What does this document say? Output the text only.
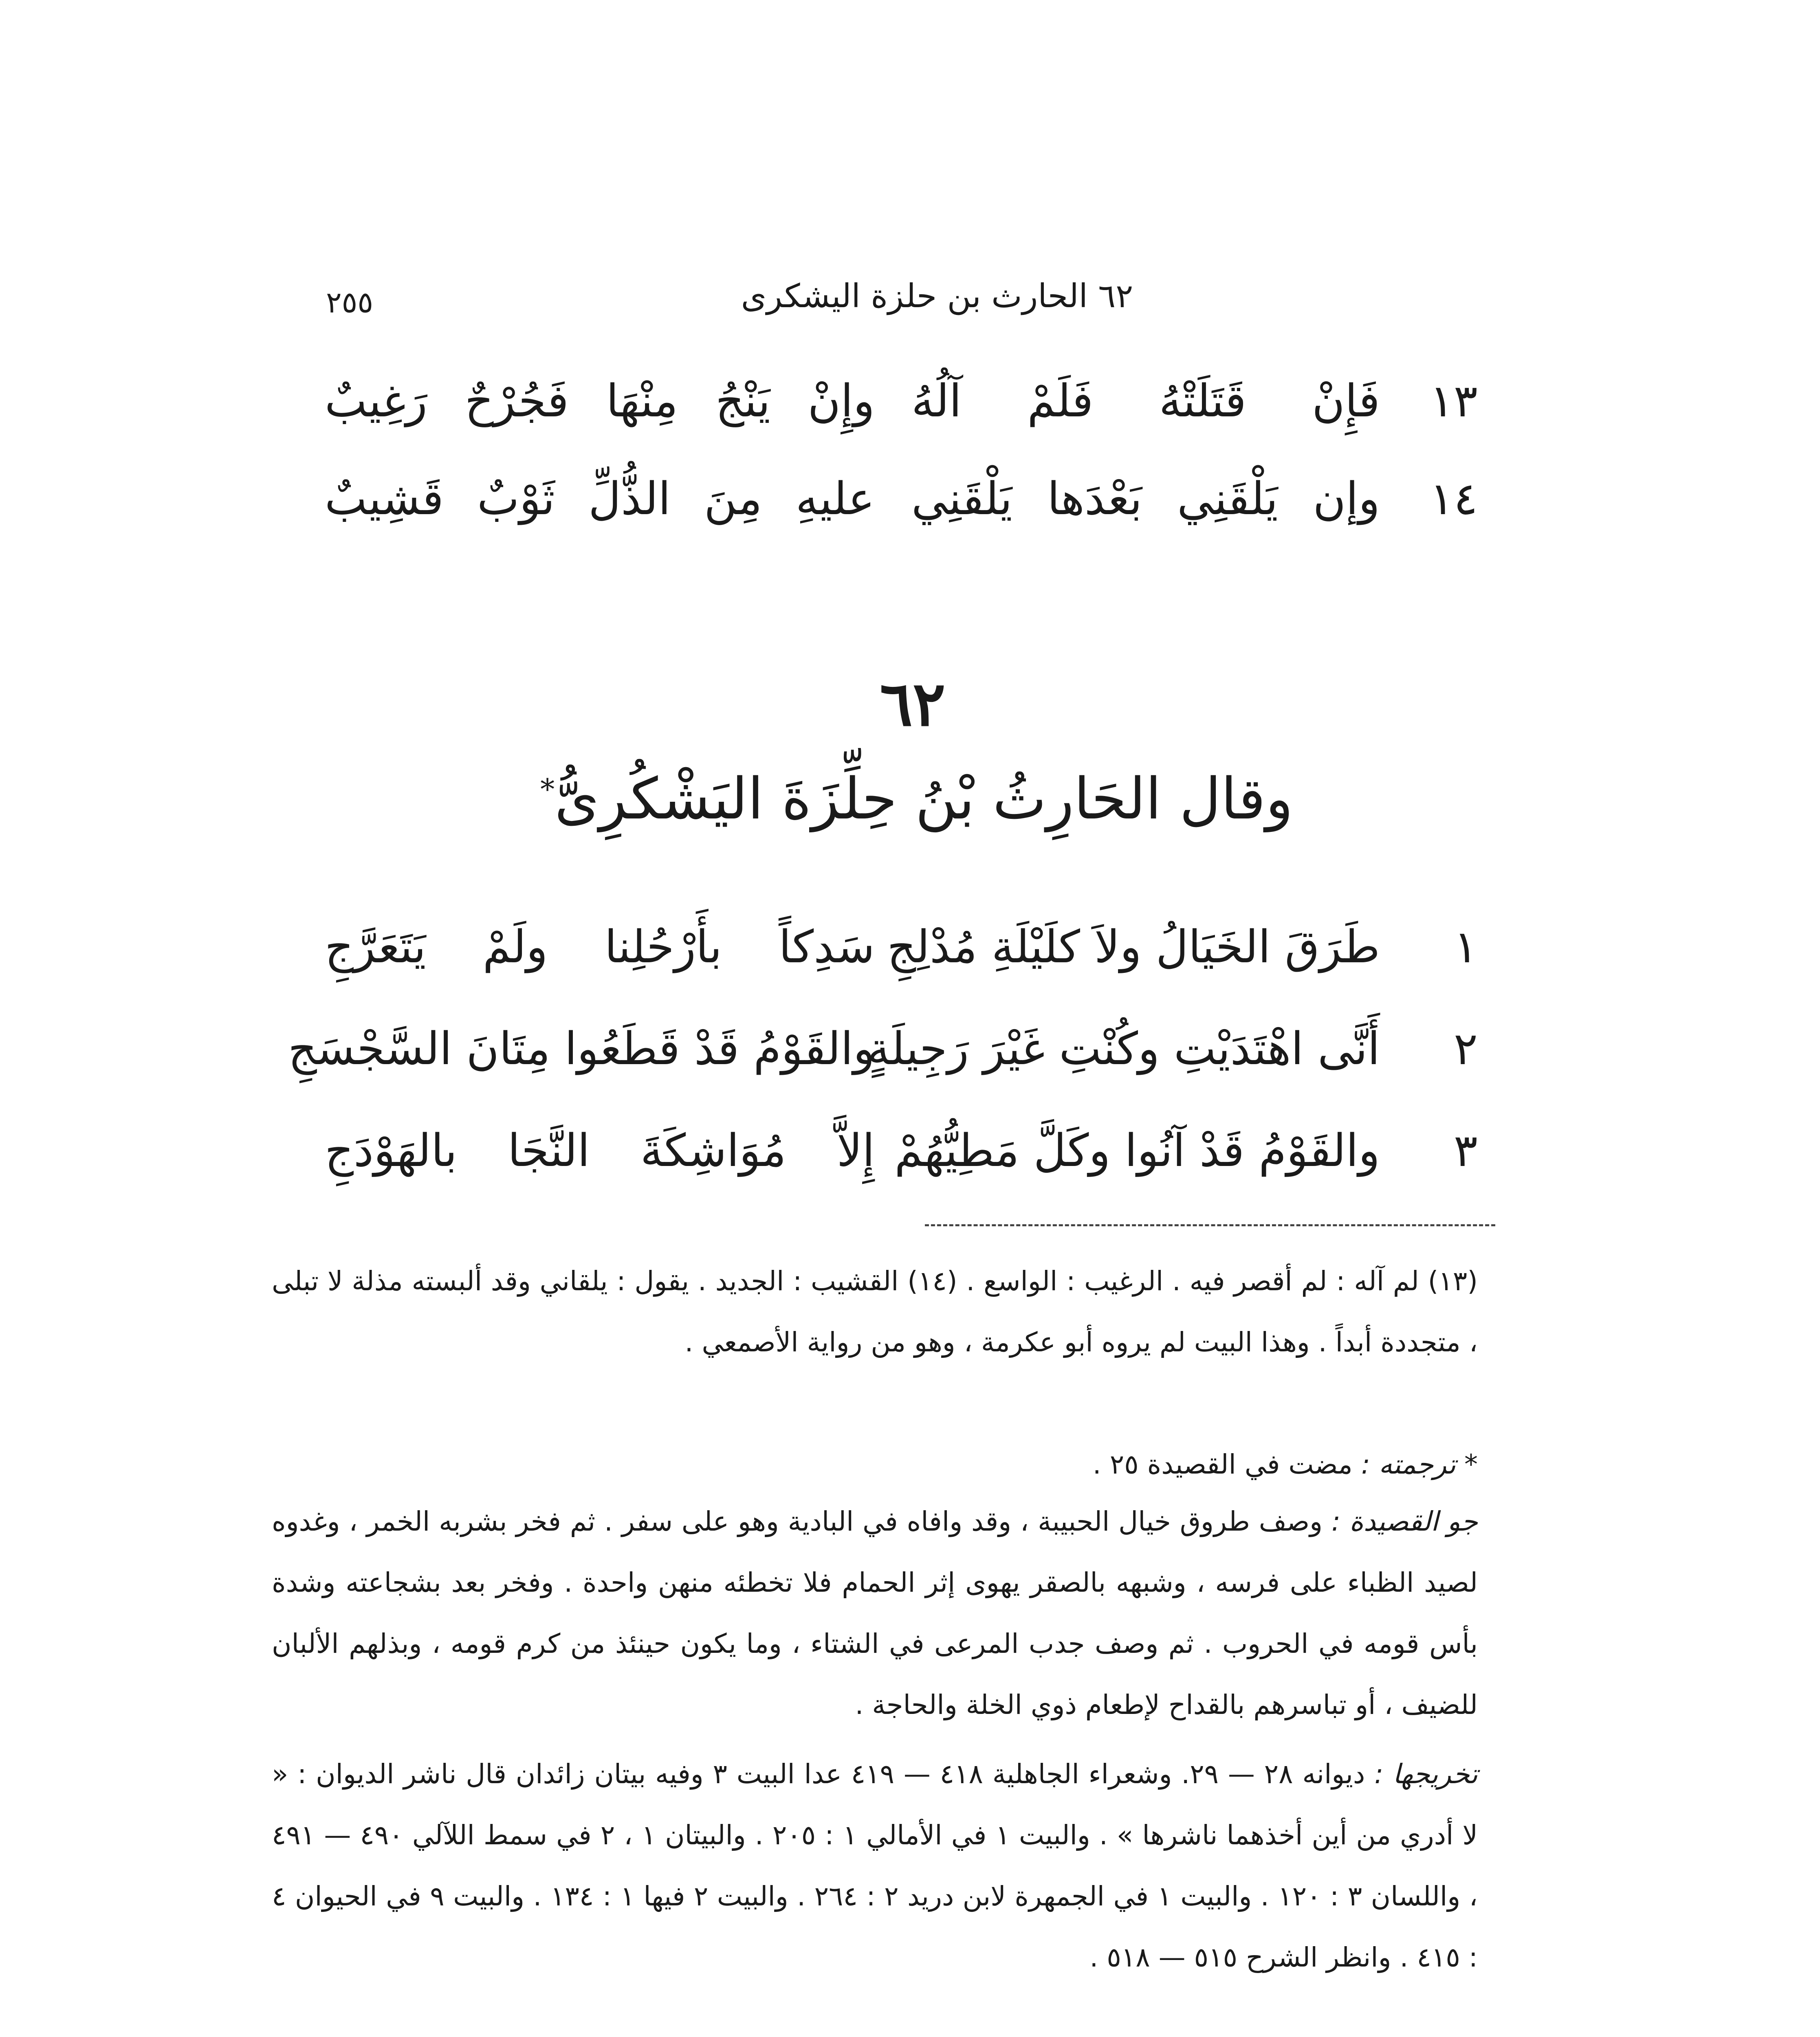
٢٥٥	٦٢ الحارث بن حلزة اليشكرى
١٣
فَإِنْ قَتَلَتْهُ فَلَمْ آلُهُ
وإِنْ يَنْجُ مِنْهَا فَجُرْحٌ رَغِيبٌ
١٤
وإن يَلْقَنِي بَعْدَها يَلْقَنِي
عليهِ مِنَ الذُّلِّ ثَوْبٌ قَشِيبٌ
٦٢
وقال الحَارِثُ بْنُ حِلِّزَةَ اليَشْكُرِىُّ*
١
طَرَقَ الخَيَالُ ولاَ كلَيْلَةِ مُدْلِجِ
سَدِكاً بأَرْحُلِنا ولَمْ يَتَعَرَّجِ
٢
أَنَّى اهْتَدَيْتِ وكُنْتِ غَيْرَ رَجِيلَةٍ
والقَوْمُ قَدْ قَطَعُوا مِتَانَ السَّجْسَجِ
٣
والقَوْمُ قَدْ آنُوا وكَلَّ مَطِيُّهُمْ
إِلاَّ مُوَاشِكَةَ النَّجَا بالهَوْدَجِ
(١٣) لم آله : لم أقصر فيه . الرغيب : الواسع . (١٤) القشيب : الجديد . يقول : يلقاني وقد ألبسته مذلة لا تبلى ، متجددة أبداً . وهذا البيت لم يروه أبو عكرمة ، وهو من رواية الأصمعي .
* ترجمته : مضت في القصيدة ٢٥ .
جو القصيدة : وصف طروق خيال الحبيبة ، وقد وافاه في البادية وهو على سفر . ثم فخر بشربه الخمر ، وغدوه لصيد الظباء على فرسه ، وشبهه بالصقر يهوى إثر الحمام فلا تخطئه منهن واحدة . وفخر بعد بشجاعته وشدة بأس قومه في الحروب . ثم وصف جدب المرعى في الشتاء ، وما يكون حينئذ من كرم قومه ، وبذلهم الألبان للضيف ، أو تباسرهم بالقداح لإطعام ذوي الخلة والحاجة .
تخريجها : ديوانه ٢٨ — ٢٩. وشعراء الجاهلية ٤١٨ — ٤١٩ عدا البيت ٣ وفيه بيتان زائدان قال ناشر الديوان : « لا أدري من أين أخذهما ناشرها » . والبيت ١ في الأمالي ١ : ٢٠٥ . والبيتان ١ ، ٢ في سمط اللآلي ٤٩٠ — ٤٩١ ، واللسان ٣ : ١٢٠ . والبيت ١ في الجمهرة لابن دريد ٢ : ٢٦٤ . والبيت ٢ فيها ١ : ١٣٤ . والبيت ٩ في الحيوان ٤ : ٤١٥ . وانظر الشرح ٥١٥ — ٥١٨ .
